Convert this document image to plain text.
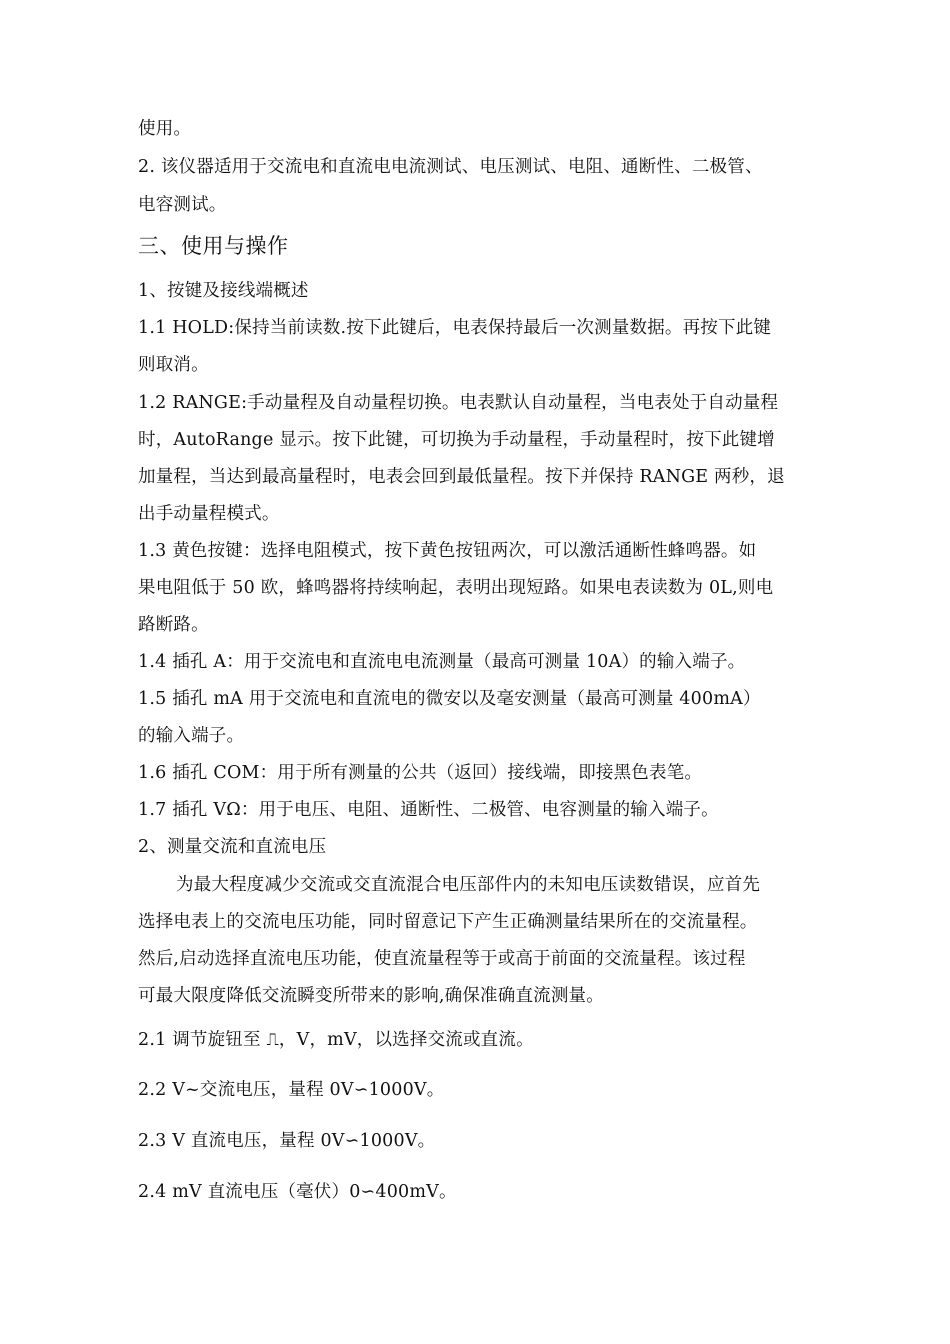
使用。
2. 该仪器适用于交流电和直流电电流测试、电压测试、电阻、通断性、二极管、
电容测试。
三、使用与操作
1、按键及接线端概述
1.1 HOLD:保持当前读数.按下此键后，电表保持最后一次测量数据。再按下此键
则取消。
1.2 RANGE:手动量程及自动量程切换。电表默认自动量程，当电表处于自动量程
时，AutoRange 显示。按下此键，可切换为手动量程，手动量程时，按下此键增
加量程，当达到最高量程时，电表会回到最低量程。按下并保持 RANGE 两秒，退
出手动量程模式。
1.3 黄色按键：选择电阻模式，按下黄色按钮两次，可以激活通断性蜂鸣器。如
果电阻低于 50 欧，蜂鸣器将持续响起，表明出现短路。如果电表读数为 0L,则电
路断路。
1.4 插孔 A：用于交流电和直流电电流测量（最高可测量 10A）的输入端子。
1.5 插孔 mA 用于交流电和直流电的微安以及毫安测量（最高可测量 400mA）
的输入端子。
1.6 插孔 COM：用于所有测量的公共（返回）接线端，即接黑色表笔。
1.7 插孔 VΩ：用于电压、电阻、通断性、二极管、电容测量的输入端子。
2、测量交流和直流电压
为最大程度减少交流或交直流混合电压部件内的未知电压读数错误，应首先
选择电表上的交流电压功能，同时留意记下产生正确测量结果所在的交流量程。
然后,启动选择直流电压功能，使直流量程等于或高于前面的交流量程。该过程
可最大限度降低交流瞬变所带来的影响,确保准确直流测量。
2.1 调节旋钮至 ⎍，V，mV，以选择交流或直流。
2.2 V~交流电压，量程 0V∽1000V。
2.3 V 直流电压，量程 0V∽1000V。
2.4 mV 直流电压（毫伏）0∽400mV。
